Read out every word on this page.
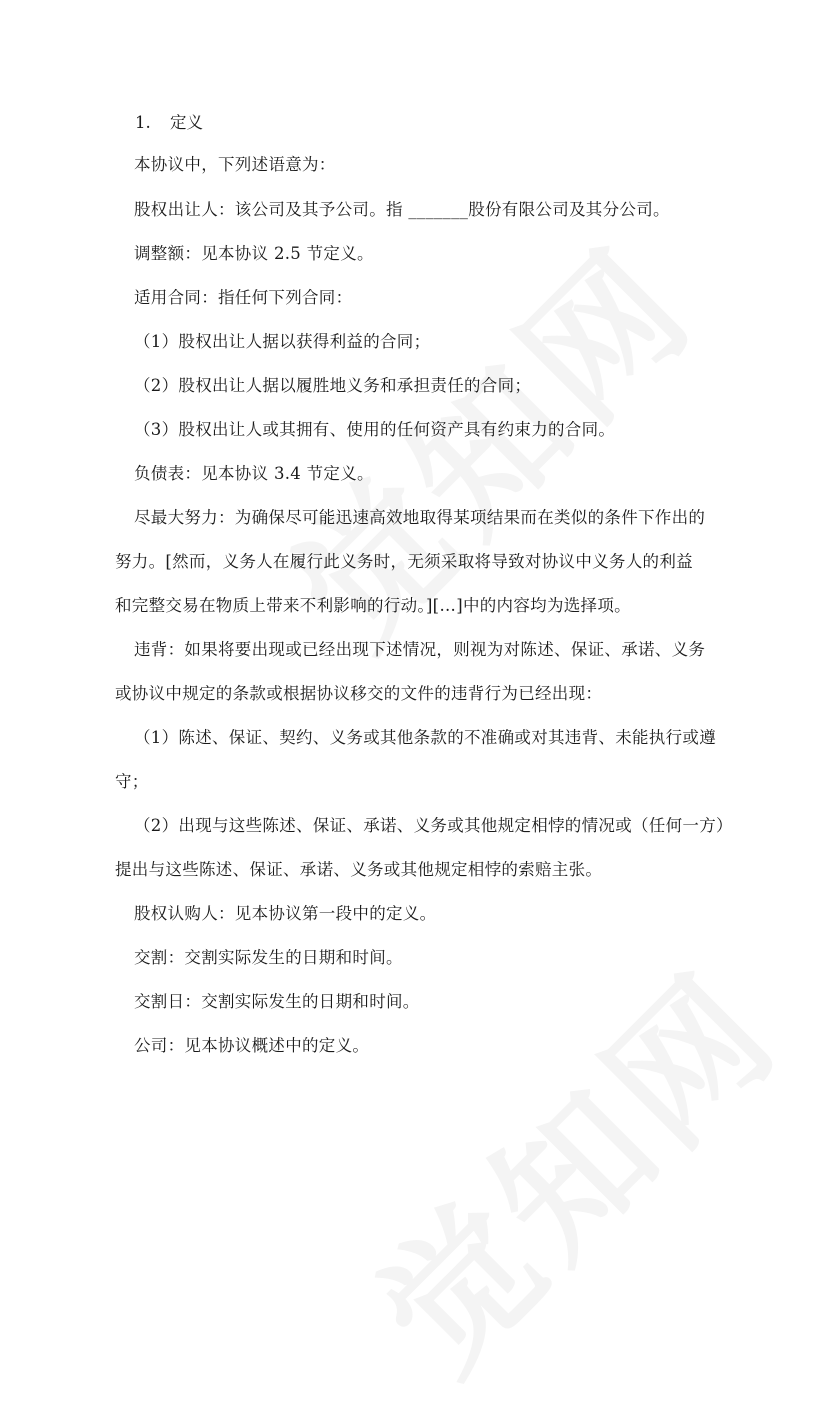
1. 定义
本协议中，下列述语意为：
股权出让人：该公司及其予公司。指 _______股份有限公司及其分公司。
调整额：见本协议 2.5 节定义。
适用合同：指任何下列合同：
（1）股权出让人据以获得利益的合同；
（2）股权出让人据以履胜地义务和承担责任的合同；
（3）股权出让人或其拥有、使用的任何资产具有约束力的合同。
负债表：见本协议 3.4 节定义。
尽最大努力：为确保尽可能迅速高效地取得某项结果而在类似的条件下作出的
努力。[然而，义务人在履行此义务时，无须采取将导致对协议中义务人的利益
和完整交易在物质上带来不利影响的行动。][…]中的内容均为选择项。
违背：如果将要出现或已经出现下述情况，则视为对陈述、保证、承诺、义务
或协议中规定的条款或根据协议移交的文件的违背行为已经出现：
（1）陈述、保证、契约、义务或其他条款的不准确或对其违背、未能执行或遵
守；
（2）出现与这些陈述、保证、承诺、义务或其他规定相悖的情况或（任何一方）
提出与这些陈述、保证、承诺、义务或其他规定相悖的索赔主张。
股权认购人：见本协议第一段中的定义。
交割：交割实际发生的日期和时间。
交割日：交割实际发生的日期和时间。
公司：见本协议概述中的定义。
